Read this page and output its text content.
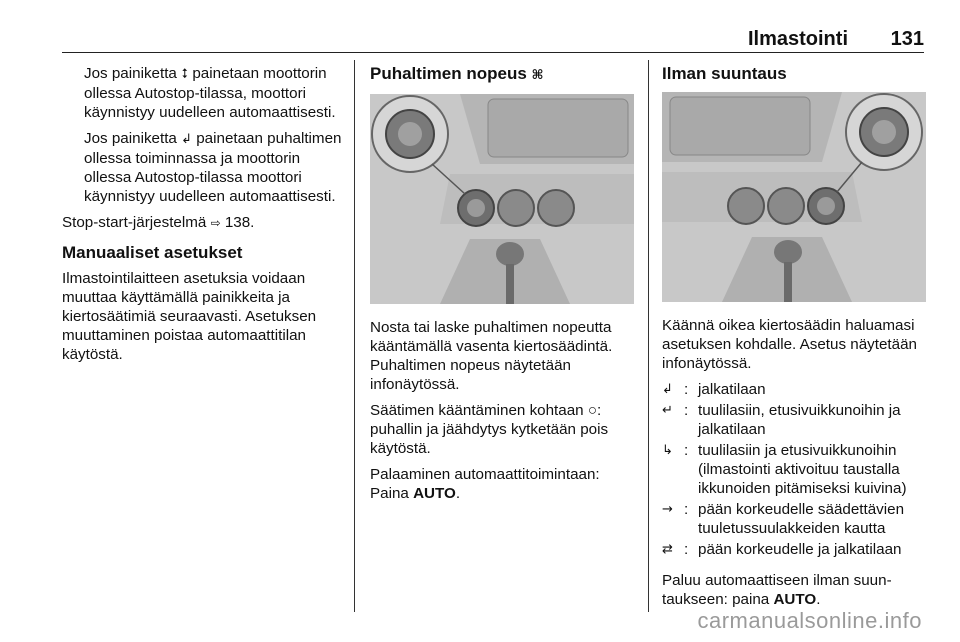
Ilmastointi 131

Jos painiketta ⭥ painetaan moottorin ollessa Autostop-tilassa, moottori käynnistyy uudelleen automaattisesti.

Jos painiketta ↲ painetaan puhaltimen ollessa toiminnassa ja moottorin ollessa Autostop-tilassa moottori käynnistyy uudelleen automaattisesti.

Stop-start-järjestelmä ⇨ 138.

Manuaaliset asetukset

Ilmastointilaitteen asetuksia voidaan muuttaa käyttämällä painikkeita ja kiertosäätimiä seuraavasti. Asetuksen muuttaminen poistaa automaattitilan käytöstä.

Puhaltimen nopeus ⌘

Nosta tai laske puhaltimen nopeutta kääntämällä vasenta kiertosäädintä. Puhaltimen nopeus näytetään infonäytössä.

Säätimen kääntäminen kohtaan ○: puhallin ja jäähdytys kytketään pois käytöstä.

Palaaminen automaattitoimintaan:

Paina AUTO.

Ilman suuntaus

Käännä oikea kiertosäädin haluamasi asetuksen kohdalle. Asetus näytetään infonäytössä.

↲ : jalkatilaan
↵ : tuulilasiin, etusivuikkunoihin ja jalkatilaan
↳ : tuulilasiin ja etusivuikkunoihin (ilmastointi aktivoituu taustalla ikkunoiden pitämiseksi kuivina)
→ : pään korkeudelle säädettävien tuuletussuulakkeiden kautta
⇄ : pään korkeudelle ja jalkatilaan

Paluu automaattiseen ilman suuntaukseen: paina AUTO.

carmanualsonline.info
